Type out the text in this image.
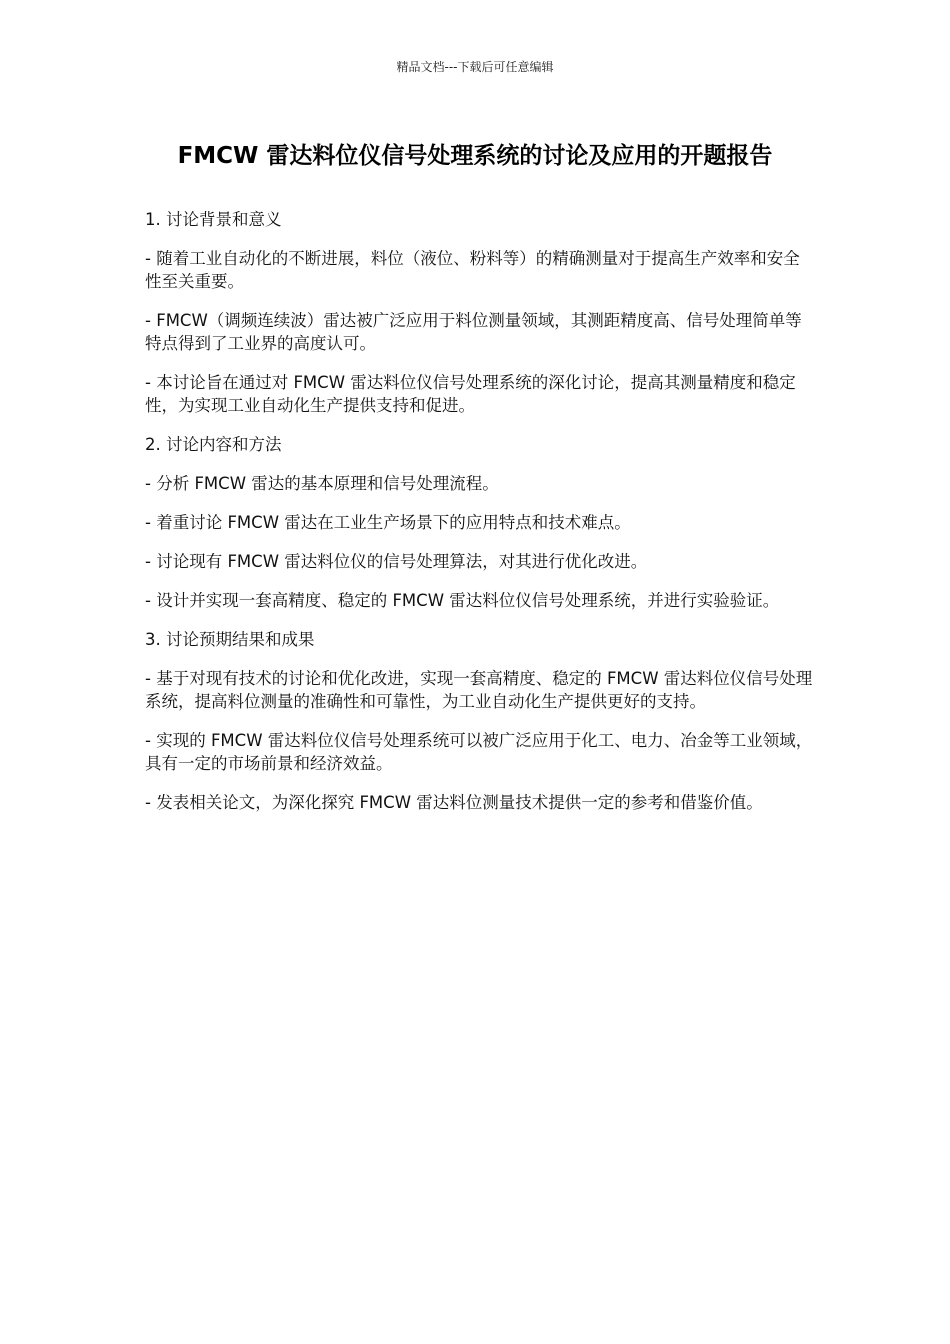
精品文档---下载后可任意编辑
FMCW 雷达料位仪信号处理系统的讨论及应用的开题报告

1. 讨论背景和意义

- 随着工业自动化的不断进展，料位（液位、粉料等）的精确测量对于提高生产效率和安全性至关重要。

- FMCW（调频连续波）雷达被广泛应用于料位测量领域，其测距精度高、信号处理简单等特点得到了工业界的高度认可。

- 本讨论旨在通过对 FMCW 雷达料位仪信号处理系统的深化讨论，提高其测量精度和稳定性，为实现工业自动化生产提供支持和促进。

2. 讨论内容和方法

- 分析 FMCW 雷达的基本原理和信号处理流程。

- 着重讨论 FMCW 雷达在工业生产场景下的应用特点和技术难点。

- 讨论现有 FMCW 雷达料位仪的信号处理算法，对其进行优化改进。

- 设计并实现一套高精度、稳定的 FMCW 雷达料位仪信号处理系统，并进行实验验证。

3. 讨论预期结果和成果

- 基于对现有技术的讨论和优化改进，实现一套高精度、稳定的 FMCW 雷达料位仪信号处理系统，提高料位测量的准确性和可靠性，为工业自动化生产提供更好的支持。

- 实现的 FMCW 雷达料位仪信号处理系统可以被广泛应用于化工、电力、冶金等工业领域，具有一定的市场前景和经济效益。

- 发表相关论文，为深化探究 FMCW 雷达料位测量技术提供一定的参考和借鉴价值。
